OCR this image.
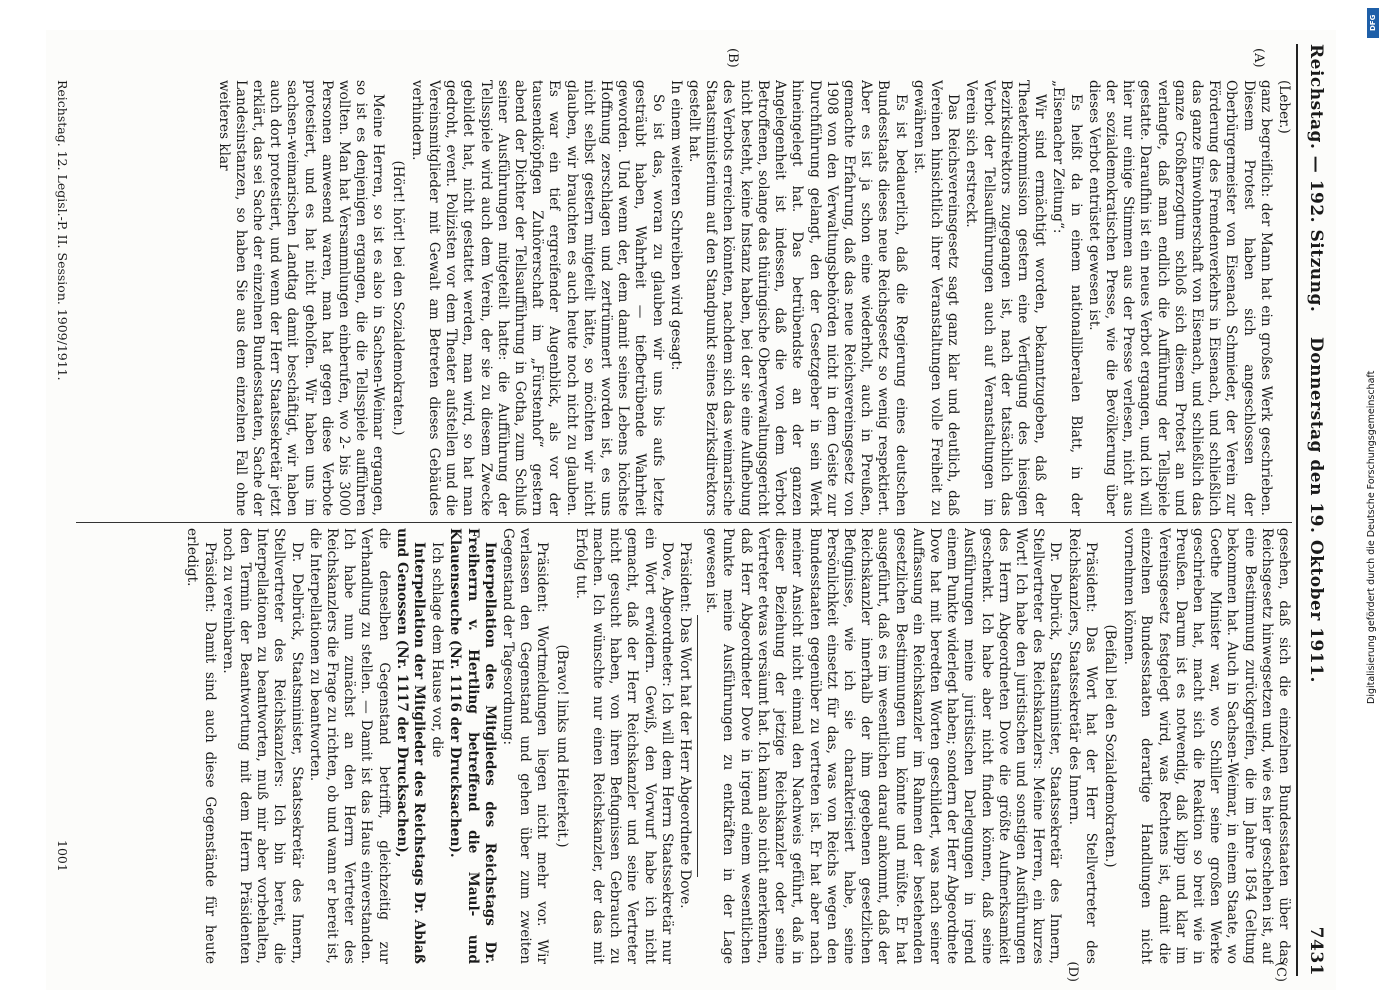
DFG
Digitalisierung gefördert durch die Deutsche Forschungsgemeinschaft
Reichstag. — 192. Sitzung.
Donnerstag den 19. Oktober 1911.
7431
(A)
(B)
(C)
(D)

(Leber.)

ganz begreiflich: der Mann hat ein großes Werk geschrieben. Diesem Protest haben sich angeschlossen der Oberbürgermeister von Eisenach Schmieder, der Verein zur Förderung des Fremdenverkehrs in Eisenach, und schließlich das ganze Einwohnerschaft von Eisenach, und schließlich das ganze Großherzogtum schloß sich diesem Protest an und verlangte, daß man endlich die Aufführung der Tellspiele gestatte. Daraufhin ist ein neues Verbot ergangen, und ich will hier nur einige Stimmen aus der Presse verlesen, nicht aus der sozialdemokratischen Presse, wie die Bevölkerung über dieses Verbot entrüstet gewesen ist.

Es heißt da in einem nationalliberalen Blatt, in der „Eisenacher Zeitung“:

Wir sind ermächtigt worden, bekanntzugeben, daß der Theaterkommission gestern eine Verfügung des hiesigen Bezirksdirektors zugegangen ist, nach der tatsächlich das Verbot der Tellsaufführungen auch auf Veranstaltungen im Verein sich erstreckt.

Das Reichsvereinsgesetz sagt ganz klar und deutlich, daß Vereinen hinsichtlich ihrer Veranstaltungen volle Freiheit zu gewähren ist.

Es ist bedauerlich, daß die Regierung eines deutschen Bundesstaats dieses neue Reichsgesetz so wenig respektiert. Aber es ist ja schon eine wiederholt, auch in Preußen, gemachte Erfahrung, daß das neue Reichsvereinsgesetz von 1908 von den Verwaltungsbehörden nicht in dem Geiste zur Durchführung gelangt, den der Gesetzgeber in sein Werk hineingelegt hat. Das betrübendste an der ganzen Angelegenheit ist indessen, daß die von dem Verbot Betroffenen, solange das thüringische Oberverwaltungsgericht nicht besteht, keine Instanz haben, bei der sie eine Aufhebung des Verbots erreichen könnten, nachdem sich das weimarische Staatsministerium auf den Standpunkt seines Bezirksdirektors gestellt hat.

In einem weiteren Schreiben wird gesagt:

So ist das, woran zu glauben wir uns bis aufs letzte gesträubt haben, Wahrheit — tiefbetrübende Wahrheit geworden. Und wenn der, dem damit seines Lebens höchste Hoffnung zerschlagen und zertrümmert worden ist, es uns nicht selbst gestern mitgeteilt hätte, so möchten wir nicht glauben, wir brauchten es auch heute noch nicht zu glauben. Es war ein tief ergreifender Augenblick, als vor der tausendköpfigen Zuhörerschaft im „Fürstenhof“ gestern abend der Dichter der Tellsaufführung in Gotha, zum Schluß seiner Ausführungen mitgeteilt hatte: die Aufführung der Tellsspiele wird auch dem Verein, der sie zu diesem Zwecke gebildet hat, nicht gestattet werden, man wird, so hat man gedroht, event. Polizisten vor dem Theater aufstellen und die Vereinsmitglieder mit Gewalt am Betreten dieses Gebäudes verhindern.

(Hört! hört! bei den Sozialdemokraten.)

Meine Herren, so ist es also in Sachsen-Weimar ergangen, so ist es denjenigen ergangen, die die Tellsspiele aufführen wollten. Man hat Versammlungen einberufen, wo 2- bis 3000 Personen anwesend waren, man hat gegen diese Verbote protestiert, und es hat nicht geholfen. Wir haben uns im sachsen-weimarischen Landtag damit beschäftigt, wir haben auch dort protestiert, und wenn der Herr Staatssekretär jetzt erklärt, das sei Sache der einzelnen Bundesstaaten, Sache der Landesinstanzen, so haben Sie aus dem einzelnen Fall ohne weiteres klar

gesehen, daß sich die einzelnen Bundesstaaten über das Reichsgesetz hinwegsetzen und, wie es hier geschehen ist, auf eine Bestimmung zurückgreifen, die im Jahre 1854 Geltung bekommen hat. Auch in Sachsen-Weimar, in einem Staate, wo Goethe Minister war, wo Schiller seine großen Werke geschrieben hat, macht sich die Reaktion so breit wie in Preußen. Darum ist es notwendig, daß klipp und klar im Vereinsgesetz festgelegt wird, was Rechtens ist, damit die einzelnen Bundesstaaten derartige Handlungen nicht vornehmen können.

(Beifall bei den Sozialdemokraten.)

Präsident: Das Wort hat der Herr Stellvertreter des Reichskanzlers, Staatssekretär des Innern.

Dr. Delbrück, Staatsminister, Staatssekretär des Innern, Stellvertreter des Reichskanzlers: Meine Herren, ein kurzes Wort! Ich habe den juristischen und sonstigen Ausführungen des Herrn Abgeordneten Dove die größte Aufmerksamkeit geschenkt. Ich habe aber nicht finden können, daß seine Ausführungen meine juristischen Darlegungen in irgend einem Punkte widerlegt haben; sondern der Herr Abgeordnete Dove hat mit beredten Worten geschildert, was nach seiner Auffassung ein Reichskanzler im Rahmen der bestehenden gesetzlichen Bestimmungen tun könnte und müßte. Er hat ausgeführt, daß es im wesentlichen darauf ankommt, daß der Reichskanzler innerhalb der ihm gegebenen gesetzlichen Befugnisse, wie ich sie charakterisiert habe, seine Persönlichkeit einsetzt für das, was von Reichs wegen den Bundesstaaten gegenüber zu vertreten ist. Er hat aber nach meiner Ansicht nicht einmal den Nachweis geführt, daß in dieser Beziehung der jetzige Reichskanzler oder seine Vertreter etwas versäumt hat. Ich kann also nicht anerkennen, daß Herr Abgeordneter Dove in irgend einem wesentlichen Punkte meine Ausführungen zu entkräften in der Lage gewesen ist.

Präsident: Das Wort hat der Herr Abgeordnete Dove.

Dove, Abgeordneter: Ich will dem Herrn Staatssekretär nur ein Wort erwidern. Gewiß, den Vorwurf habe ich nicht gemacht, daß der Herr Reichskanzler und seine Vertreter nicht gesucht haben, von ihren Befugnissen Gebrauch zu machen. Ich wünschte nur einen Reichskanzler, der das mit Erfolg tut.

(Bravo! links und Heiterkeit.)

Präsident: Wortmeldungen liegen nicht mehr vor. Wir verlassen den Gegenstand und gehen über zum zweiten Gegenstand der Tagesordnung:

Interpellation des Mitgliedes des Reichstags Dr. Freiherrn v. Hertling betreffend die Maul- und Klauenseuche (Nr. 1116 der Drucksachen).

Ich schlage dem Hause vor, die

Interpellation der Mitglieder des Reichstags Dr. Ablaß und Genossen (Nr. 1117 der Drucksachen),

die denselben Gegenstand betrifft, gleichzeitig zur Verhandlung zu stellen. — Damit ist das Haus einverstanden. Ich habe nun zunächst an den Herrn Vertreter des Reichskanzlers die Frage zu richten, ob und wann er bereit ist, die Interpellationen zu beantworten.

Dr. Delbrück, Staatsminister, Staatssekretär des Innern, Stellvertreter des Reichskanzlers: Ich bin bereit, die Interpellationen zu beantworten, muß mir aber vorbehalten, den Termin der Beantwortung mit dem Herrn Präsidenten noch zu vereinbaren.

Präsident: Damit sind auch diese Gegenstände für heute erledigt.

Reichstag. 12. Legisl.-P. II. Session. 1909/1911.
1001
